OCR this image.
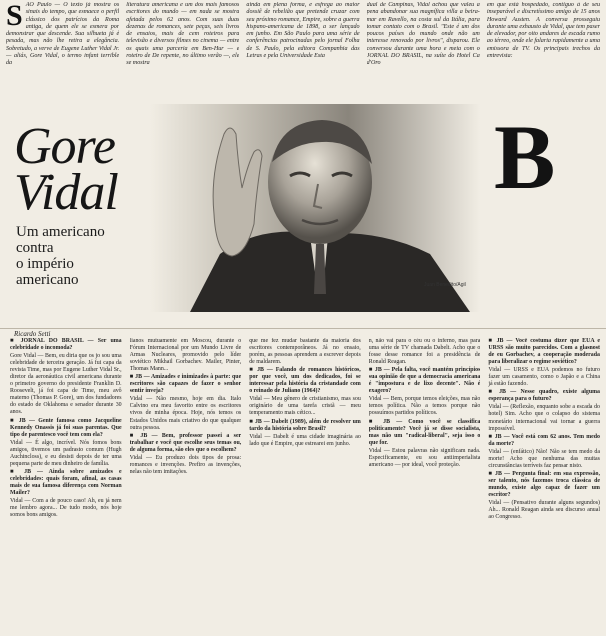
S ÃO Paulo — O texto já mostra os sinais do tempo, que esmaece o perfil clássico dos patrícios da Roma antiga, de quem ele se esmera por demonstrar que descende. Sua silhueta já é pesada, mas não lhe retira a elegância. Sobretudo, a verve de Eugene Luther Vidal Jr. — aliás, Gore Vidal, o termo infant terrible da
literatura americana e um dos mais famosos escritores do mundo — em nada se mostra afetada pelos 62 anos. Com suas duas dezenas de romances, sete peças, seis livros de ensaios, mais de cem roteiros para televisão e diversos filmes no cinema — entre os quais uma parceria em Ben-Hur — e roteiro de De repente, no último verão —, ele se mostra
ainda em plena forma, e esfrega ao maior dossiê de rebelião que pretende cruzar com seu próximo romance, Empire, sobre a guerra hispano-americana de 1898, a ser lançado em junho. Em São Paulo para uma série de conferências patrocinadas pelo jornal Folha de S. Paulo, pela editora Companhia das Letras e pela Universidade Esta
dual de Campinas, Vidal achou que valeu a pena abandonar sua magnífica villa a beira-mar em Ravello, na costa sul da Itália, para tomar contato com o Brasil. "Este é um dos poucos países do mundo onde não um interesse renovado por livros", disparou. Ele conversou durante uma hora e meia com o JORNAL DO BRASIL, na suíte do Hotel Ca d'Oro
em que está hospedado, contiguo à de seu inseparável e discretíssimo amigo de 15 anos Howard Austen. A conversa prosseguiu durante uma exhausto de Vidal, que tem paser de elevador, por oito andares de escada rumo ao térreo, onde ele falaria rapidamente a uma emissora de TV. Os principais trechos da entrevista:
Gore
Vidal
Um americano
contra
o império
americano	Juan Benedito/Agil
B
Ricardo Setti

■ JORNAL DO BRASIL — Ser uma celebridade o incomoda?

Gore Vidal — Bem, eu diria que os jo sou uma celebridade de terceira geração. Já fui capa da revista Time, mas por Eugene Luther Vidal Sr., diretor da aeronáutica civil americana durante o primeiro governo do presidente Franklin D. Roosevelt, já foi capa de Time, meu avô materno (Thomas P. Gore), um dos fundadores do estado de Oklahoma e senador durante 30 anos.

■ JB — Gente famosa como Jacqueline Kennedy Onassis já foi suas parentas. Que tipo de parentesco você tem com ela?

Vidal — É algo, incrível. Nós fomos bons amigos, tivemos um padrasto comum (Hugh Auchincloss), e eu desisti depois de ter uma pequena parte de meu dinheiro de família.

■ JB — Ainda sobre amizades e celebridades: quais foram, afinal, as casas mais de sua famosa diferença com Norman Mailer?

Vidal — Com a de pouco caso! Ah, eu já nem me lembro agora... De tudo modo, nós hoje somos bons amigos.

lianos mutuamente em Moscou, durante o Fórum Internacional por um Mundo Livre de Armas Nucleares, promovido pelo líder soviético Mikhail Gorbachev. Mailer, Pinter, Thomas Mann...

■ JB — Amizades e inimizades à parte: que escritores são capazes de fazer o senhor sentir inveja?

Vidal — Não mesmo, hoje em dia. Italo Calvino era meu favorito entre os escritores vivos de minha época. Hoje, nós temos os Estados Unidos mais criativo do que qualquer outra pessoa.

■ JB — Bem, professor passei a ser trabalhar e você que escolhe seus temas ou, de alguma forma, são eles que o escolhem?

Vidal — Eu produzo dois tipos de prosa: romances e invenções. Prefiro as invenções, nelas não tem imitações.

que me fez mudar bastante da maioria dos escritores contemporâneos. Já no ensaio, porém, as pessoas aprendem a escrever depois de maldarem.

■ JB — Falando de romances históricos, por que você, um dos dedicados, foi se interessar pela história da cristandade com o reinado de Juliano (1964)?

Vidal — Meu gênero de cristianismo, mas sou originário de uma tarefa cristã — meu temperamento mais cético...

■ JB — Dabelt (1989), além de resolver um tardo da história sobre Brasil?

Vidal — Dabelt é uma cidade imaginária ao lado que é Empire, que estrearei em junho.

n, não vai para o céu ou o inferno, mas para uma série de TV chamada Dabelt. Acho que o fosse desse romance foi a presidência de Ronald Reagan.

■ JB — Pela falta, você mantém princípios sua opinião de que a democracia americana é "impostura e de lixo decente". Não é exagero?

Vidal — Bem, porque temos eleições, mas não temos política. Não a temos porque não possuímos partidos políticos.

■ JB — Como você se classifica politicamente? Você já se disse socialista, mas não um "radical-liberal", seja isso o que for.

Vidal — Estou palavras não significam nada. Especificamente, eu sou antiimperialista americano — por ideal, você proteção.

■ JB — Você costuma dizer que EUA e URSS são muito parecidos. Com a glasnost de eu Gorbachev, a cooperação moderada para liberalizar o regime soviético?

Vidal — URSS e EUA podemos no futuro fazer um casamento, como o Japão e a China já estão fazendo.

■ JB — Nesse quadro, existe alguma esperança para o futuro?

Vidal — (Reflexão, enquanto sobe a escada do hotel) Sim. Acho que o colapso do sistema monetário internacional vai tornar a guerra impossível.

■ JB — Você está com 62 anos. Tem medo da morte?

Vidal — (enfático) Não! Não se tem medo da morte! Acho que nenhuma das muitas circunstâncias terríveis faz pensar nisto.

■ JB — Pergunta final: em sua expressão, ser talento, nós fazemos troca clássica de mundo, existe algo capaz de fazer um escritor?

Vidal — (Pensativo durante alguns segundos) Ah... Ronald Reagan ainda seu discurso anual ao Congresso.
